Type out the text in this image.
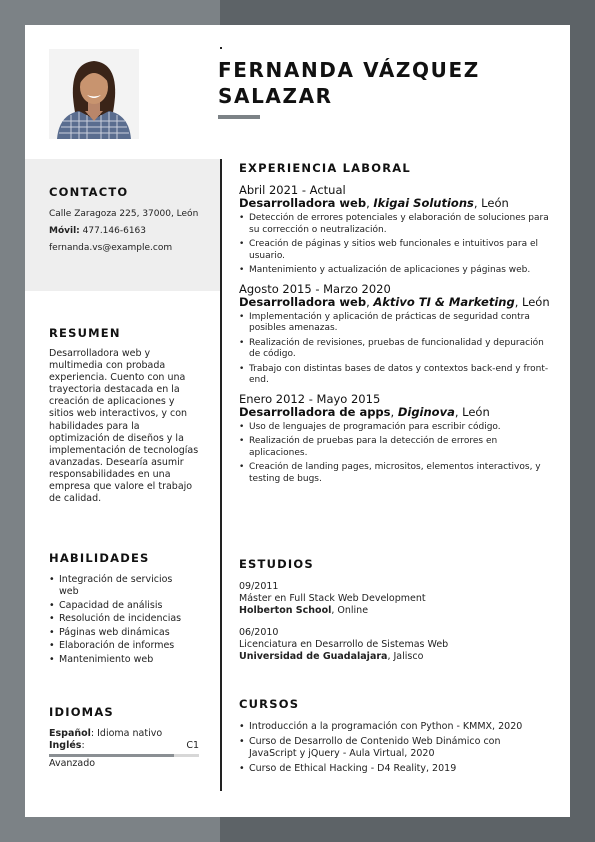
FERNANDA VÁZQUEZ
SALAZAR
CONTACTO
Calle Zaragoza 225, 37000, León
Móvil: 477.146-6163
fernanda.vs@example.com
RESUMEN
Desarrolladora web y multimedia con probada experiencia. Cuento con una trayectoria destacada en la creación de aplicaciones y sitios web interactivos, y con habilidades para la optimización de diseños y la implementación de tecnologías avanzadas. Desearía asumir responsabilidades en una empresa que valore el trabajo de calidad.
HABILIDADES
• Integración de servicios web
• Capacidad de análisis
• Resolución de incidencias
• Páginas web dinámicas
• Elaboración de informes
• Mantenimiento web
IDIOMAS
Español: Idioma nativo
Inglés:	C1
Avanzado
EXPERIENCIA LABORAL
Abril 2021 - Actual
Desarrolladora web, Ikigai Solutions, León
• Detección de errores potenciales y elaboración de soluciones para su corrección o neutralización.
• Creación de páginas y sitios web funcionales e intuitivos para el usuario.
• Mantenimiento y actualización de aplicaciones y páginas web.
Agosto 2015 - Marzo 2020
Desarrolladora web, Aktivo TI & Marketing, León
• Implementación y aplicación de prácticas de seguridad contra posibles amenazas.
• Realización de revisiones, pruebas de funcionalidad y depuración de código.
• Trabajo con distintas bases de datos y contextos back-end y front-end.
Enero 2012 - Mayo 2015
Desarrolladora de apps, Diginova, León
• Uso de lenguajes de programación para escribir código.
• Realización de pruebas para la detección de errores en aplicaciones.
• Creación de landing pages, micrositos, elementos interactivos, y testing de bugs.
ESTUDIOS
09/2011
Máster en Full Stack Web Development
Holberton School, Online
06/2010
Licenciatura en Desarrollo de Sistemas Web
Universidad de Guadalajara, Jalisco
CURSOS
• Introducción a la programación con Python - KMMX, 2020
• Curso de Desarrollo de Contenido Web Dinámico con JavaScript y jQuery - Aula Virtual, 2020
• Curso de Ethical Hacking - D4 Reality, 2019
